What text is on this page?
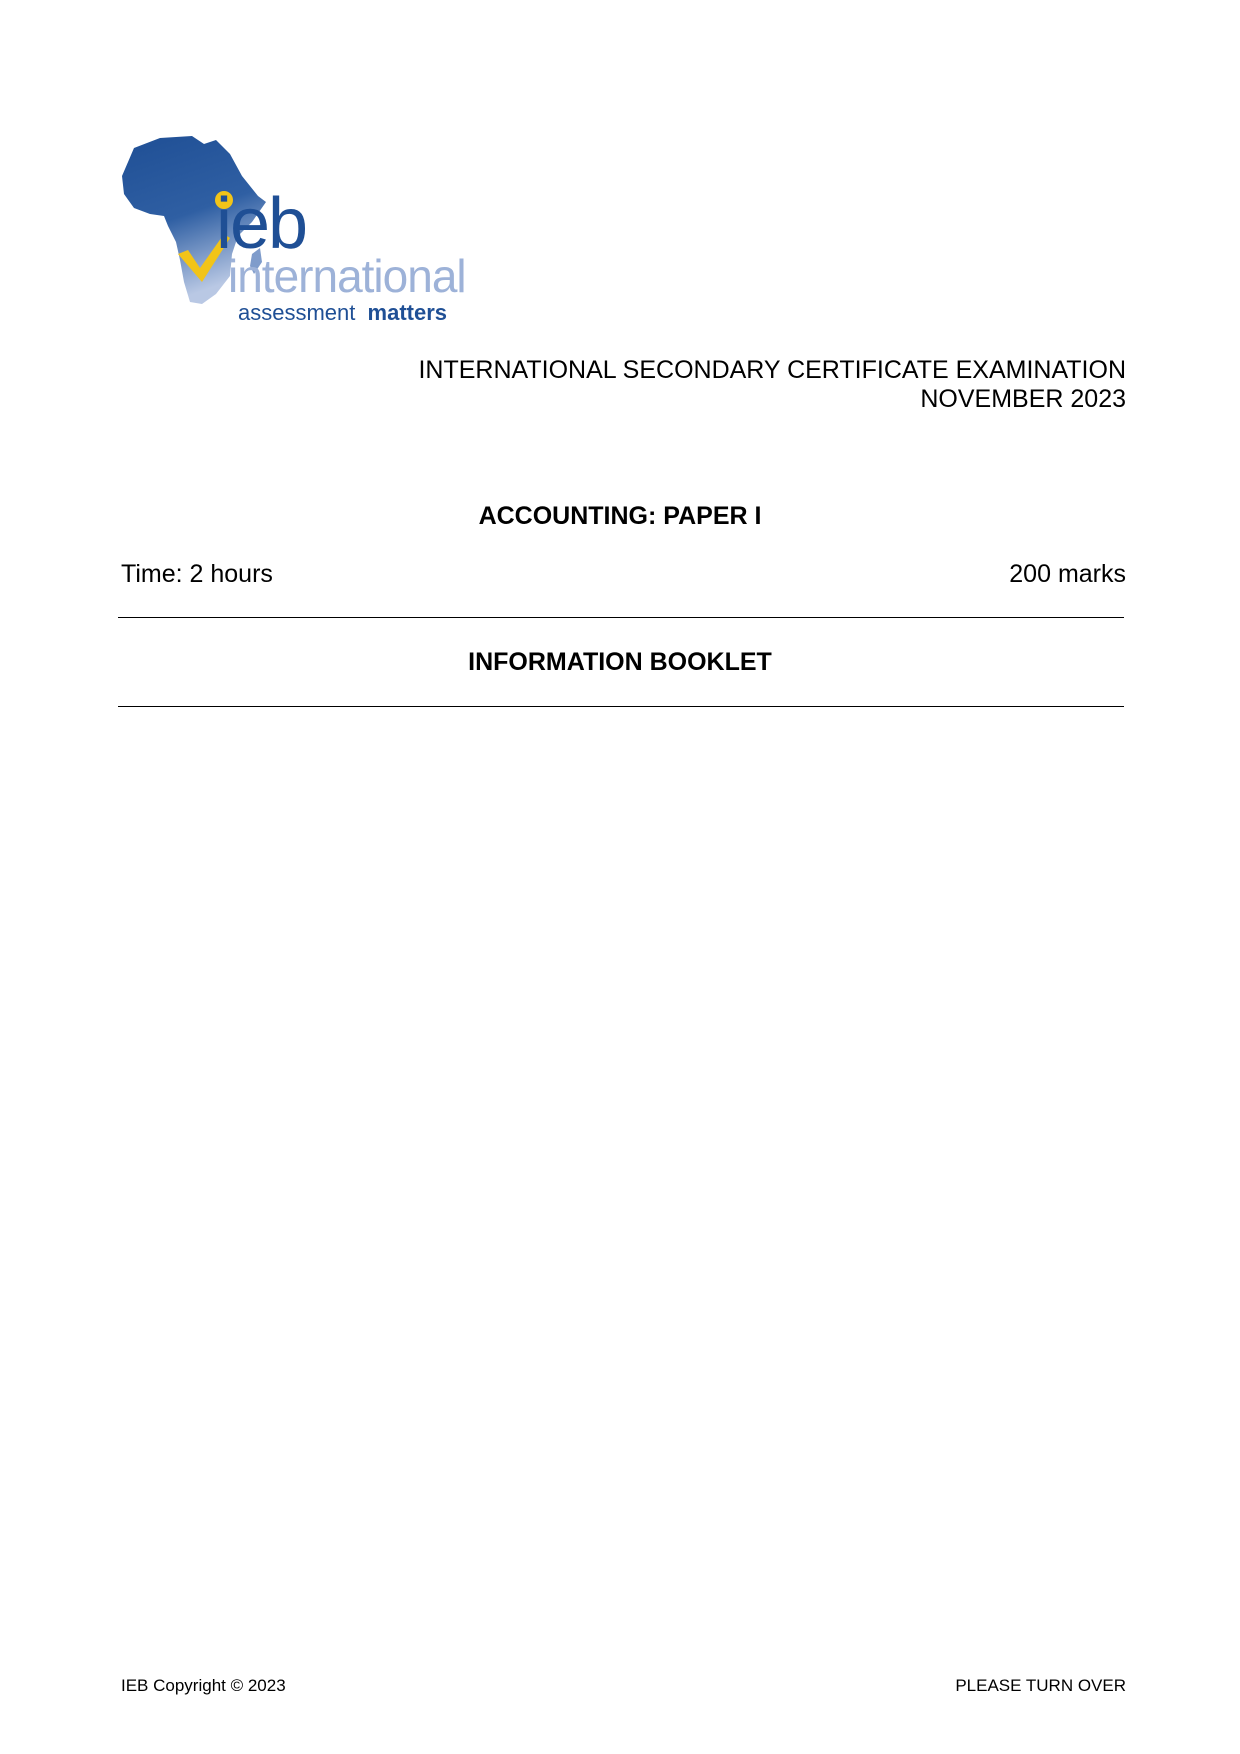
ieb
international
assessment matters
INTERNATIONAL SECONDARY CERTIFICATE EXAMINATION
NOVEMBER 2023
ACCOUNTING: PAPER I
Time: 2 hours	200 marks
INFORMATION BOOKLET
IEB Copyright © 2023	PLEASE TURN OVER
